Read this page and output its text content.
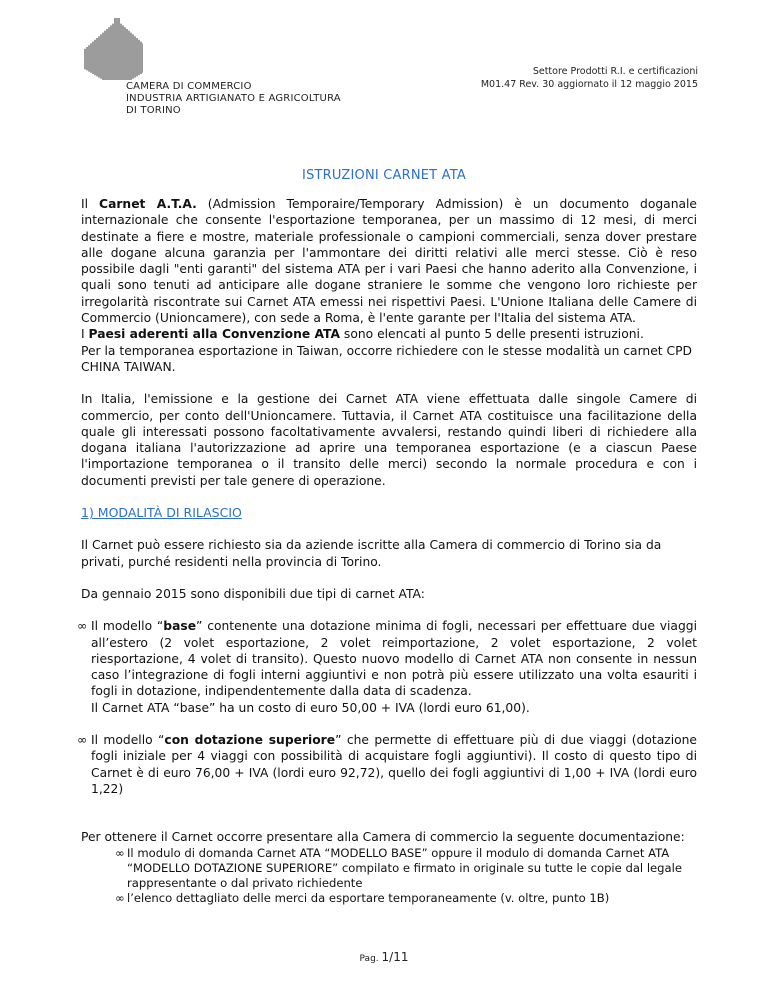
CAMERA DI COMMERCIO
INDUSTRIA ARTIGIANATO E AGRICOLTURA
DI TORINO
Settore Prodotti R.I. e certificazioni
M01.47 Rev. 30 aggiornato il 12 maggio 2015
ISTRUZIONI CARNET ATA

Il Carnet A.T.A. (Admission Temporaire/Temporary Admission) è un documento doganale internazionale che consente l'esportazione temporanea, per un massimo di 12 mesi, di merci destinate a fiere e mostre, materiale professionale o campioni commerciali, senza dover prestare alle dogane alcuna garanzia per l'ammontare dei diritti relativi alle merci stesse. Ciò è reso possibile dagli "enti garanti" del sistema ATA per i vari Paesi che hanno aderito alla Convenzione, i quali sono tenuti ad anticipare alle dogane straniere le somme che vengono loro richieste per irregolarità riscontrate sui Carnet ATA emessi nei rispettivi Paesi. L'Unione Italiana delle Camere di Commercio (Unioncamere), con sede a Roma, è l'ente garante per l'Italia del sistema ATA.

I Paesi aderenti alla Convenzione ATA sono elencati al punto 5 delle presenti istruzioni.

Per la temporanea esportazione in Taiwan, occorre richiedere con le stesse modalità un carnet CPD CHINA TAIWAN.

In Italia, l'emissione e la gestione dei Carnet ATA viene effettuata dalle singole Camere di commercio, per conto dell'Unioncamere. Tuttavia, il Carnet ATA costituisce una facilitazione della quale gli interessati possono facoltativamente avvalersi, restando quindi liberi di richiedere alla dogana italiana l'autorizzazione ad aprire una temporanea esportazione (e a ciascun Paese l'importazione temporanea o il transito delle merci) secondo la normale procedura e con i documenti previsti per tale genere di operazione.

1) MODALITÀ DI RILASCIO

Il Carnet può essere richiesto sia da aziende iscritte alla Camera di commercio di Torino sia da privati, purché residenti nella provincia di Torino.

Da gennaio 2015 sono disponibili due tipi di carnet ATA:

∞ Il modello “base” contenente una dotazione minima di fogli, necessari per effettuare due viaggi all’estero (2 volet esportazione, 2 volet reimportazione, 2 volet esportazione, 2 volet riesportazione, 4 volet di transito). Questo nuovo modello di Carnet ATA non consente in nessun caso l’integrazione di fogli interni aggiuntivi e non potrà più essere utilizzato una volta esauriti i fogli in dotazione, indipendentemente dalla data di scadenza.
Il Carnet ATA “base” ha un costo di euro 50,00 + IVA (lordi euro 61,00).
∞ Il modello “con dotazione superiore” che permette di effettuare più di due viaggi (dotazione fogli iniziale per 4 viaggi con possibilità di acquistare fogli aggiuntivi). Il costo di questo tipo di Carnet è di euro 76,00 + IVA (lordi euro 92,72), quello dei fogli aggiuntivi di 1,00 + IVA (lordi euro 1,22)

Per ottenere il Carnet occorre presentare alla Camera di commercio la seguente documentazione:

∞ Il modulo di domanda Carnet ATA “MODELLO BASE” oppure il modulo di domanda Carnet ATA “MODELLO DOTAZIONE SUPERIORE” compilato e firmato in originale su tutte le copie dal legale rappresentante o dal privato richiedente
∞ l’elenco dettagliato delle merci da esportare temporaneamente (v. oltre, punto 1B)
Pag. 1/11
